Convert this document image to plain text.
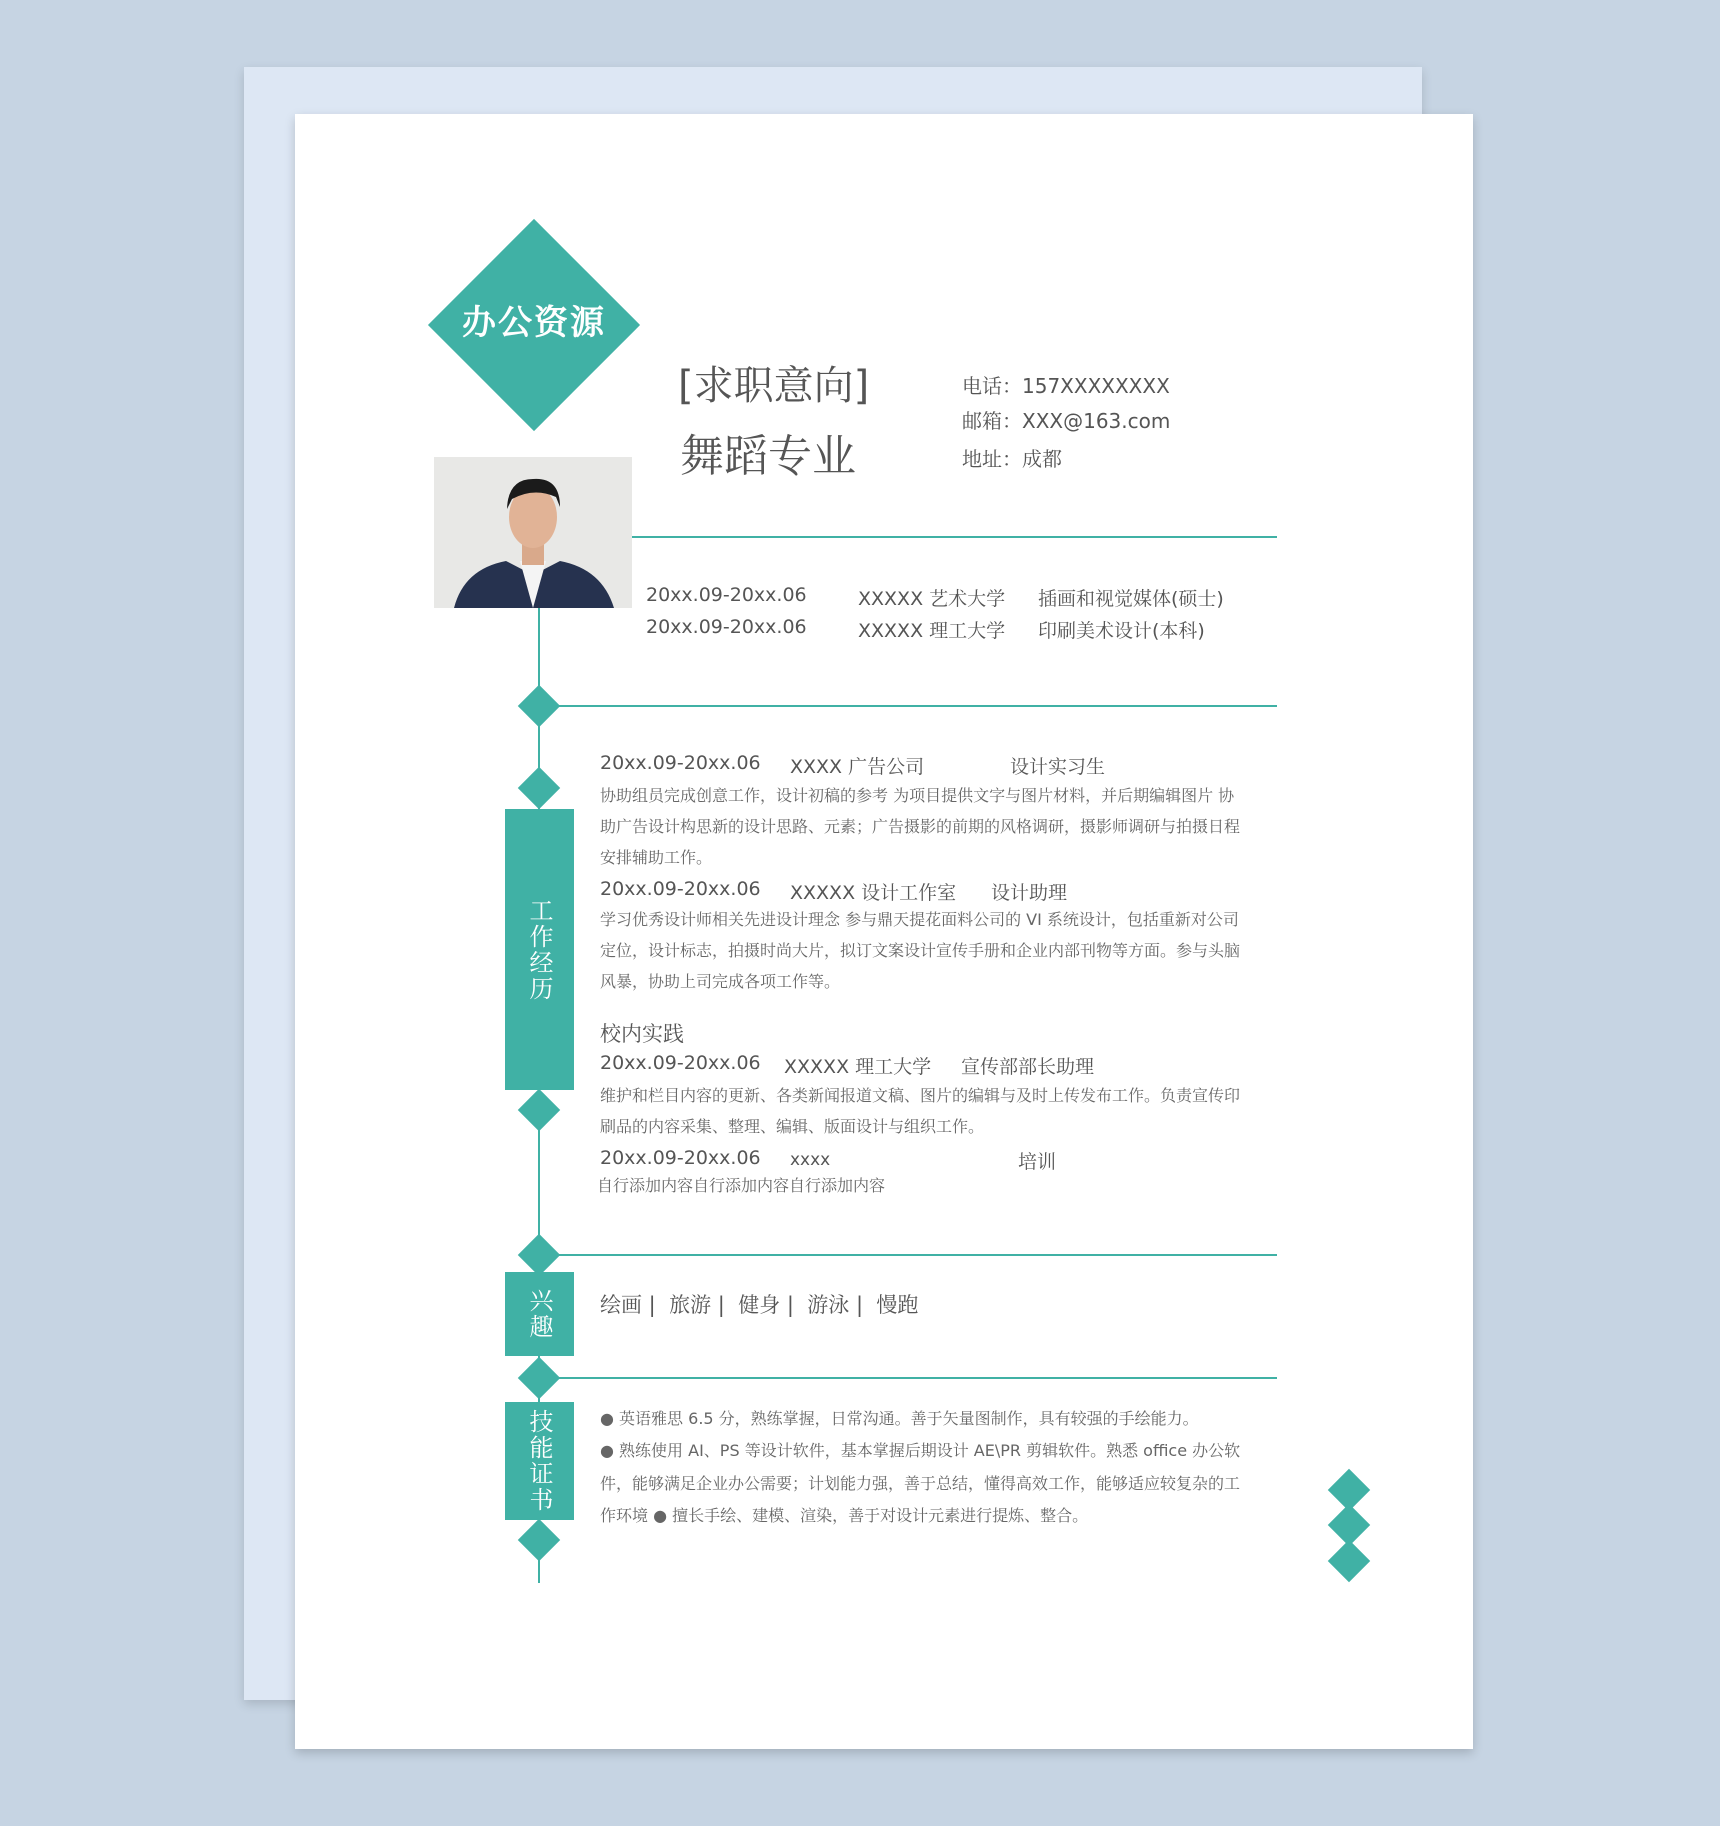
办公资源
[求职意向]
舞蹈专业
电话：157XXXXXXXX
邮箱：XXX@163.com
地址：成都
工作经历
兴趣
技能证书
20xx.09-20xx.06	XXXXX 艺术大学 插画和视觉媒体(硕士)
20xx.09-20xx.06	XXXXX 理工大学 印刷美术设计(本科)
20xx.09-20xx.06 XXXX 广告公司	设计实习生
协助组员完成创意工作，设计初稿的参考 为项目提供文字与图片材料，并后期编辑图片 协助广告设计构思新的设计思路、元素；广告摄影的前期的风格调研，摄影师调研与拍摄日程安排辅助工作。
20xx.09-20xx.06 XXXXX 设计工作室 设计助理
学习优秀设计师相关先进设计理念 参与鼎天提花面料公司的 VI 系统设计，包括重新对公司定位，设计标志，拍摄时尚大片，拟订文案设计宣传手册和企业内部刊物等方面。参与头脑风暴，协助上司完成各项工作等。
校内实践
20xx.09-20xx.06 XXXXX 理工大学 宣传部部长助理
维护和栏目内容的更新、各类新闻报道文稿、图片的编辑与及时上传发布工作。负责宣传印刷品的内容采集、整理、编辑、版面设计与组织工作。
20xx.09-20xx.06 xxxx	培训
自行添加内容自行添加内容自行添加内容
绘画 |  旅游 |  健身 |  游泳 |  慢跑
● 英语雅思 6.5 分，熟练掌握，日常沟通。善于矢量图制作，具有较强的手绘能力。
● 熟练使用 AI、PS 等设计软件，基本掌握后期设计 AE\PR 剪辑软件。熟悉 office 办公软件，能够满足企业办公需要；计划能力强，善于总结，懂得高效工作，能够适应较复杂的工作环境 ● 擅长手绘、建模、渲染，善于对设计元素进行提炼、整合。
